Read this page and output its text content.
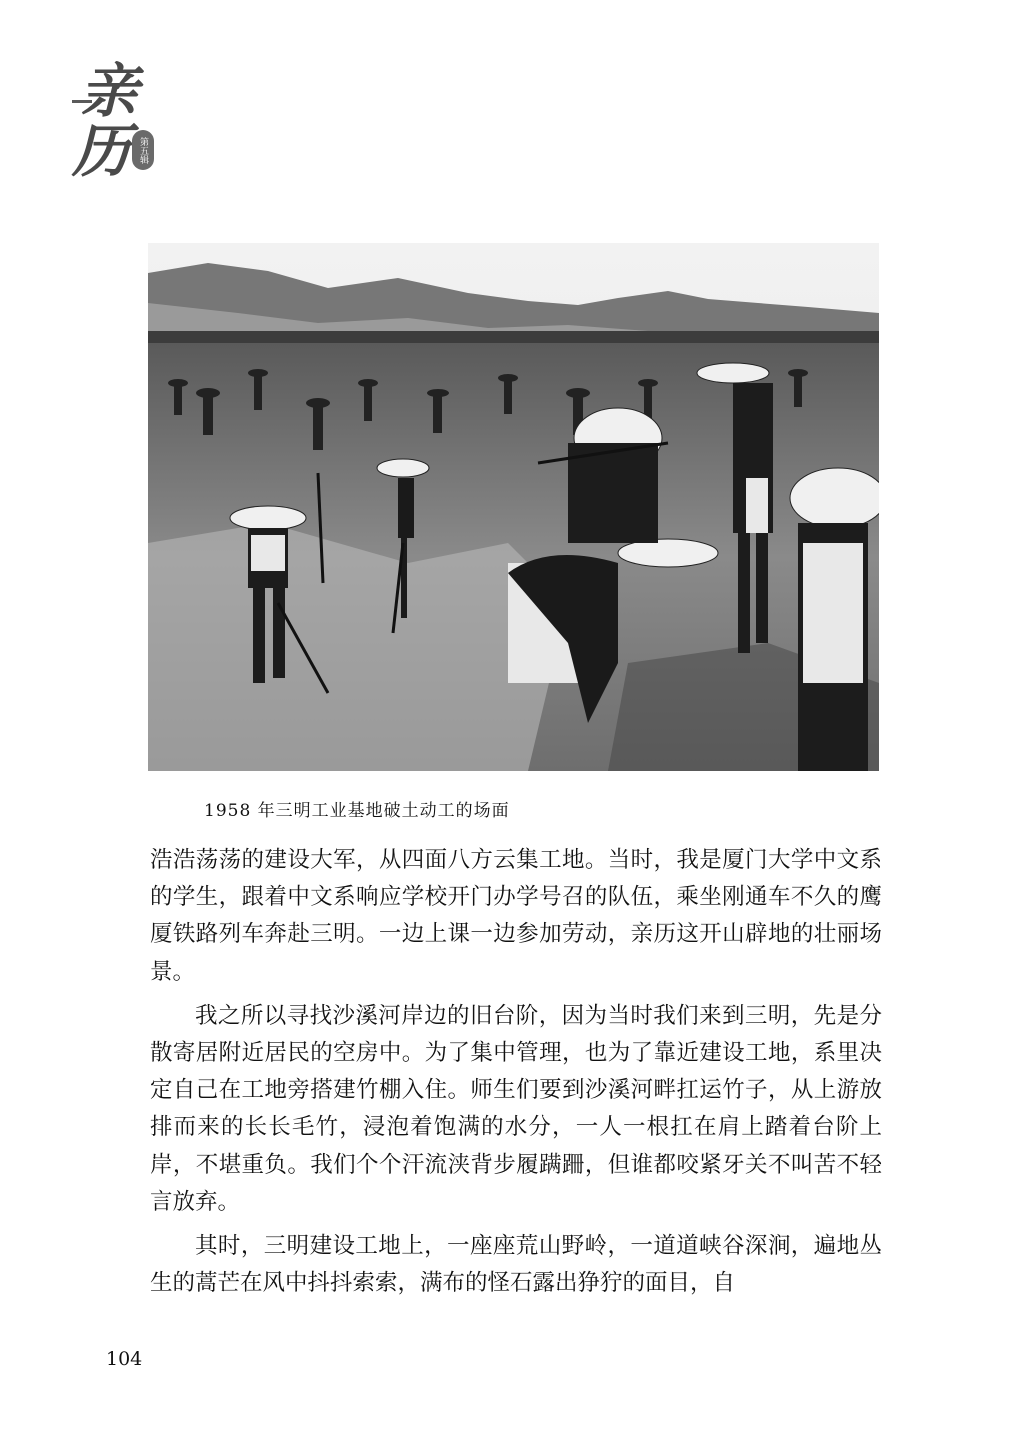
亲
历 第五辑
1958 年三明工业基地破土动工的场面

浩浩荡荡的建设大军，从四面八方云集工地。当时，我是厦门大学中文系的学生，跟着中文系响应学校开门办学号召的队伍，乘坐刚通车不久的鹰厦铁路列车奔赴三明。一边上课一边参加劳动，亲历这开山辟地的壮丽场景。

我之所以寻找沙溪河岸边的旧台阶，因为当时我们来到三明，先是分散寄居附近居民的空房中。为了集中管理，也为了靠近建设工地，系里决定自己在工地旁搭建竹棚入住。师生们要到沙溪河畔扛运竹子，从上游放排而来的长长毛竹，浸泡着饱满的水分，一人一根扛在肩上踏着台阶上岸，不堪重负。我们个个汗流浃背步履蹒跚，但谁都咬紧牙关不叫苦不轻言放弃。

其时，三明建设工地上，一座座荒山野岭，一道道峡谷深涧，遍地丛生的蒿芒在风中抖抖索索，满布的怪石露出狰狞的面目，自

104
